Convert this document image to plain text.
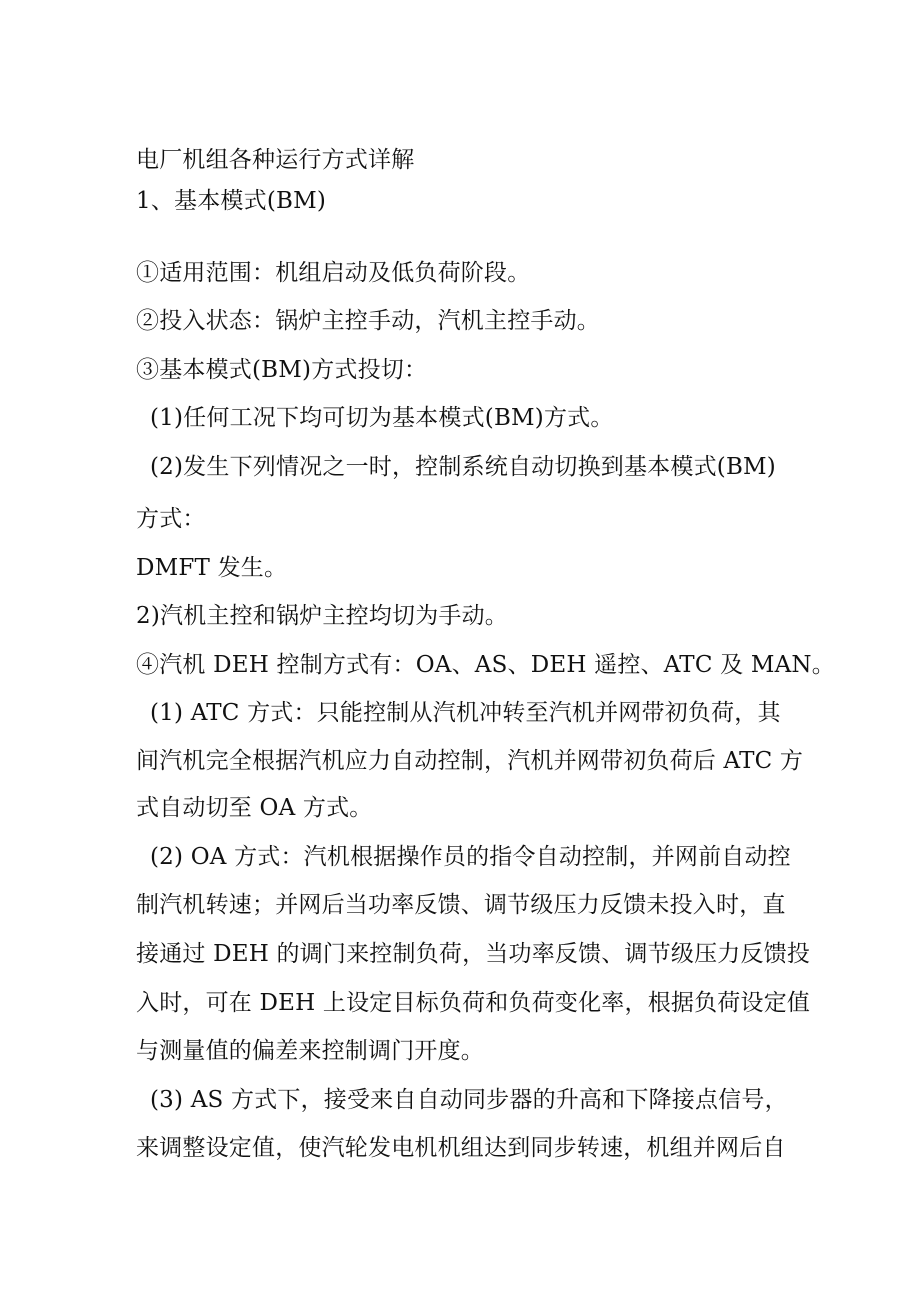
电厂机组各种运行方式详解
1、基本模式(BM)
①适用范围：机组启动及低负荷阶段。
②投入状态：锅炉主控手动，汽机主控手动。
③基本模式(BM)方式投切：
(1)任何工况下均可切为基本模式(BM)方式。
(2)发生下列情况之一时，控制系统自动切换到基本模式(BM)
方式：
DMFT 发生。
2)汽机主控和锅炉主控均切为手动。
④汽机 DEH 控制方式有：OA、AS、DEH 遥控、ATC 及 MAN。
(1) ATC 方式：只能控制从汽机冲转至汽机并网带初负荷，其
间汽机完全根据汽机应力自动控制，汽机并网带初负荷后 ATC 方
式自动切至 OA 方式。
(2) OA 方式：汽机根据操作员的指令自动控制，并网前自动控
制汽机转速；并网后当功率反馈、调节级压力反馈未投入时，直
接通过 DEH 的调门来控制负荷，当功率反馈、调节级压力反馈投
入时，可在 DEH 上设定目标负荷和负荷变化率，根据负荷设定值
与测量值的偏差来控制调门开度。
(3) AS 方式下，接受来自自动同步器的升高和下降接点信号，
来调整设定值，使汽轮发电机机组达到同步转速，机组并网后自
